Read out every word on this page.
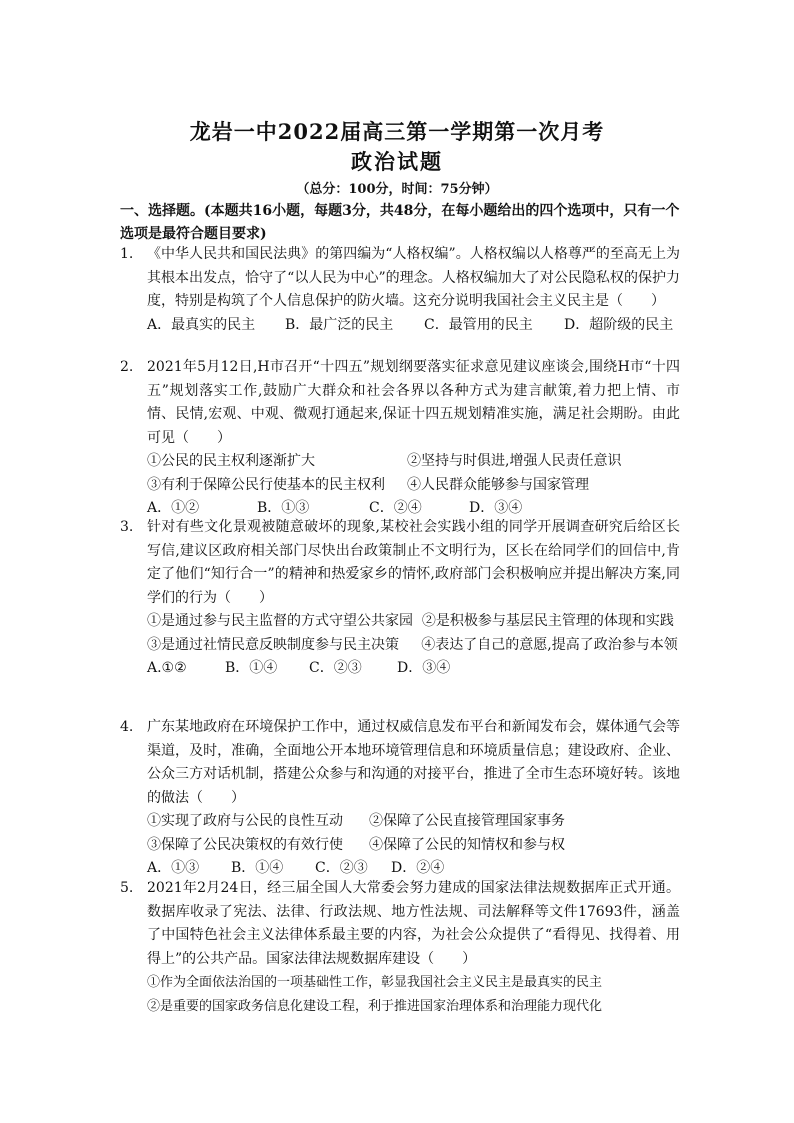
龙岩一中2022届高三第一学期第一次月考
政治试题
（总分：100分，时间：75分钟）
一、选择题。(本题共16小题，每题3分，共48分，在每小题给出的四个选项中，只有一个选项是最符合题目要求)
1. 《中华人民共和国民法典》的第四编为“人格权编”。人格权编以人格尊严的至高无上为其根本出发点，恰守了“以人民为中心”的理念。人格权编加大了对公民隐私权的保护力度，特别是构筑了个人信息保护的防火墙。这充分说明我国社会主义民主是（　　）
A．最真实的民主	B．最广泛的民主	C．最管用的民主	D．超阶级的民主
2. 2021年5月12日,H市召开“十四五”规划纲要落实征求意见建议座谈会,围绕H市“十四五”规划落实工作,鼓励广大群众和社会各界以各种方式为建言献策,着力把上情、市情、民情,宏观、中观、微观打通起来,保证十四五规划精准实施，满足社会期盼。由此可见（　　）
①公民的民主权利逐渐扩大	②坚持与时俱进,增强人民责任意识
③有利于保障公民行使基本的民主权利	④人民群众能够参与国家管理
A．①②	B．①③	C．②④	D．③④
3. 针对有些文化景观被随意破坏的现象,某校社会实践小组的同学开展调查研究后给区长写信,建议区政府相关部门尽快出台政策制止不文明行为，区长在给同学们的回信中,肯定了他们“知行合一”的精神和热爱家乡的情怀,政府部门会积极响应并提出解决方案,同学们的行为（　　）
①是通过参与民主监督的方式守望公共家园 ②是积极参与基层民主管理的体现和实践
③是通过社情民意反映制度参与民主决策 ④表达了自己的意愿,提高了政治参与本领
A.①②	B．①④	C．②③	D．③④
4. 广东某地政府在环境保护工作中，通过权威信息发布平台和新闻发布会，媒体通气会等渠道，及时，准确，全面地公开本地环境管理信息和环境质量信息；建设政府、企业、公众三方对话机制，搭建公众参与和沟通的对接平台，推进了全市生态环境好转。该地的做法（　　）
①实现了政府与公民的良性互动	②保障了公民直接管理国家事务
③保障了公民决策权的有效行使	④保障了公民的知情权和参与权
A．①③	B．①④	C．②③	D．②④
5. 2021年2月24日，经三届全国人大常委会努力建成的国家法律法规数据库正式开通。数据库收录了宪法、法律、行政法规、地方性法规、司法解释等文件17693件，涵盖了中国特色社会主义法律体系最主要的内容，为社会公众提供了“看得见、找得着、用得上”的公共产品。国家法律法规数据库建设（　　）
①作为全面依法治国的一项基础性工作，彰显我国社会主义民主是最真实的民主
②是重要的国家政务信息化建设工程，利于推进国家治理体系和治理能力现代化
